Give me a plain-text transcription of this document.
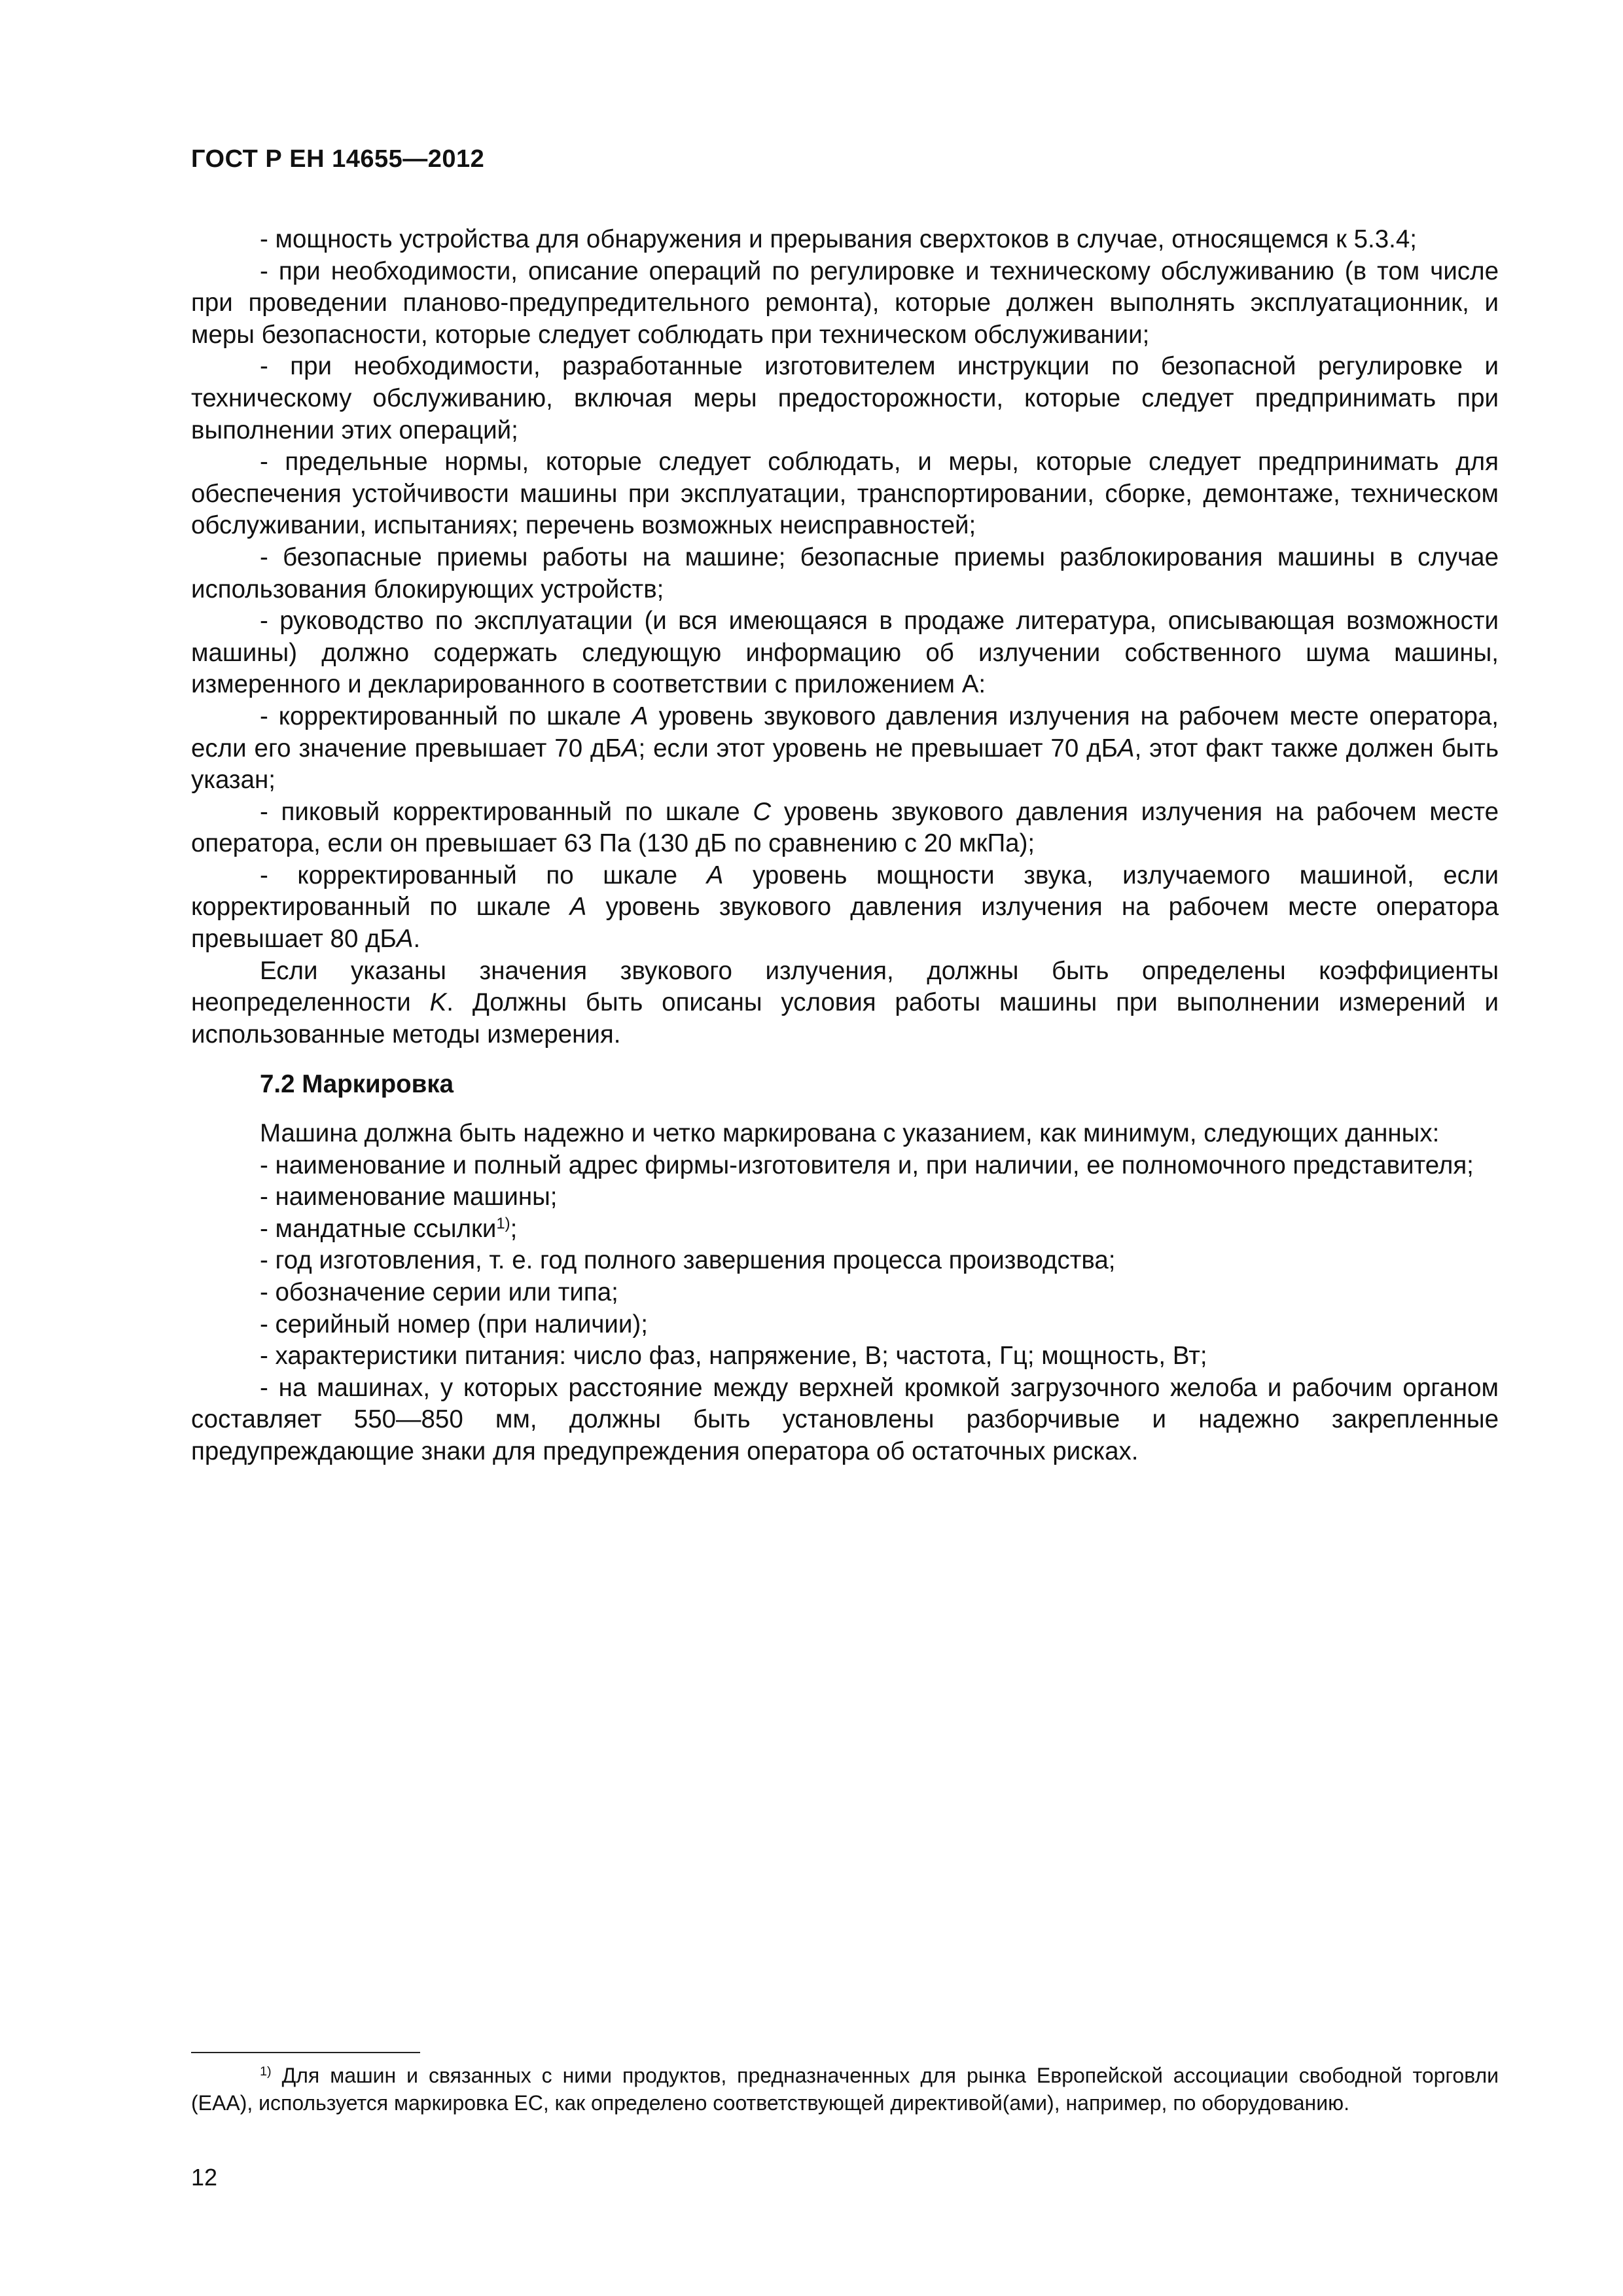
ГОСТ Р ЕН 14655—2012

- мощность устройства для обнаружения и прерывания сверхтоков в случае, относящемся к 5.3.4;

- при необходимости, описание операций по регулировке и техническому обслуживанию (в том числе при проведении планово-предупредительного ремонта), которые должен выполнять эксплуатационник, и меры безопасности, которые следует соблюдать при техническом обслуживании;

- при необходимости, разработанные изготовителем инструкции по безопасной регулировке и техническому обслуживанию, включая меры предосторожности, которые следует предпринимать при выполнении этих операций;

- предельные нормы, которые следует соблюдать, и меры, которые следует предпринимать для обеспечения устойчивости машины при эксплуатации, транспортировании, сборке, демонтаже, техническом обслуживании, испытаниях; перечень возможных неисправностей;

- безопасные приемы работы на машине; безопасные приемы разблокирования машины в случае использования блокирующих устройств;

- руководство по эксплуатации (и вся имеющаяся в продаже литература, описывающая возможности машины) должно содержать следующую информацию об излучении собственного шума машины, измеренного и декларированного в соответствии с приложением А:

- корректированный по шкале А уровень звукового давления излучения на рабочем месте оператора, если его значение превышает 70 дБА; если этот уровень не превышает 70 дБА, этот факт также должен быть указан;

- пиковый корректированный по шкале С уровень звукового давления излучения на рабочем месте оператора, если он превышает 63 Па (130 дБ по сравнению с 20 мкПа);

- корректированный по шкале А уровень мощности звука, излучаемого машиной, если корректированный по шкале А уровень звукового давления излучения на рабочем месте оператора превышает 80 дБА.

Если указаны значения звукового излучения, должны быть определены коэффициенты неопределенности K. Должны быть описаны условия работы машины при выполнении измерений и использованные методы измерения.

7.2 Маркировка

Машина должна быть надежно и четко маркирована с указанием, как минимум, следующих данных:

- наименование и полный адрес фирмы-изготовителя и, при наличии, ее полномочного представителя;

- наименование машины;

- мандатные ссылки$^{1)}$;

- год изготовления, т. е. год полного завершения процесса производства;

- обозначение серии или типа;

- серийный номер (при наличии);

- характеристики питания: число фаз, напряжение, В; частота, Гц; мощность, Вт;

- на машинах, у которых расстояние между верхней кромкой загрузочного желоба и рабочим органом составляет 550—850 мм, должны быть установлены разборчивые и надежно закрепленные предупреждающие знаки для предупреждения оператора об остаточных рисках.

$^{1)}$ Для машин и связанных с ними продуктов, предназначенных для рынка Европейской ассоциации свободной торговли (ЕАА), используется маркировка ЕС, как определено соответствующей директивой(ами), например, по оборудованию.

12
